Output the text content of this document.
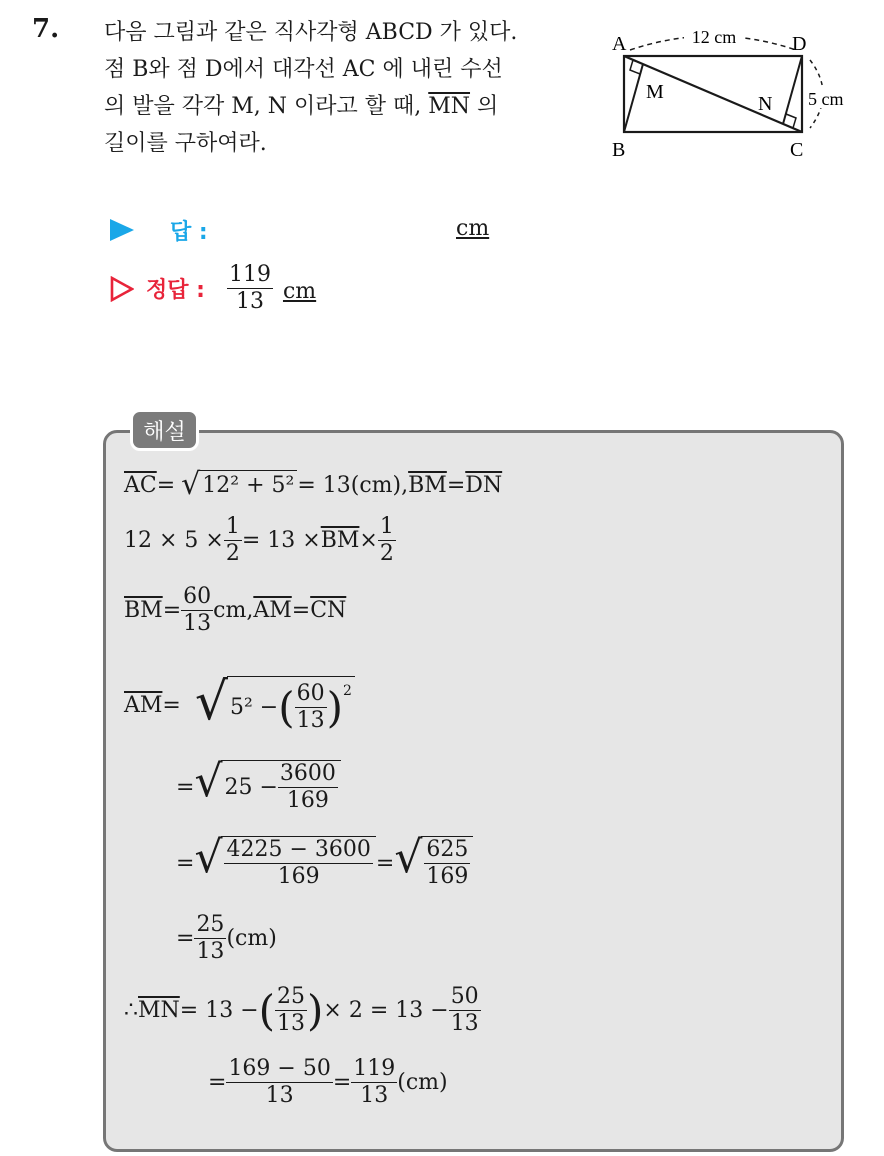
7. 다음 그림과 같은 직사각형 ABCD 가 있다.
점 B와 점 D에서 대각선 AC 에 내린 수선
의 발을 각각 M, N 이라고 할 때, $\overline{MN}$ 의
길이를 구하여라.
12 cm
5 cm
A	D
B	C
M
N
답 :	cm
정답 : $\frac{119}{13}$ cm
해설
$\overline{AC}$ = √ 12² + 5² = 13(cm), $\overline{BM} = \overline{DN}$
$12 \times 5 \times \frac{1}{2} = 13 \times \overline{BM} \times \frac{1}{2}$
$\overline{BM} = \frac{60}{13}$ cm, $\overline{AM} = \overline{CN}$
$\overline{AM}$ = √ 5² − ( $\frac{60}{13} )^2$
= √ $25 - \frac{3600}{169}$
= √ $\frac{4225 - 3600}{169}$ = √ $\frac{625}{169}$
= $\frac{25}{13} (cm)$
∴ $\overline{MN} = 13$ − ( $\frac{25}{13}$ ) × $2 = 13 - \frac{50}{13}$
= $\frac{169 - 50}{13} = \frac{119}{13} (cm)$
